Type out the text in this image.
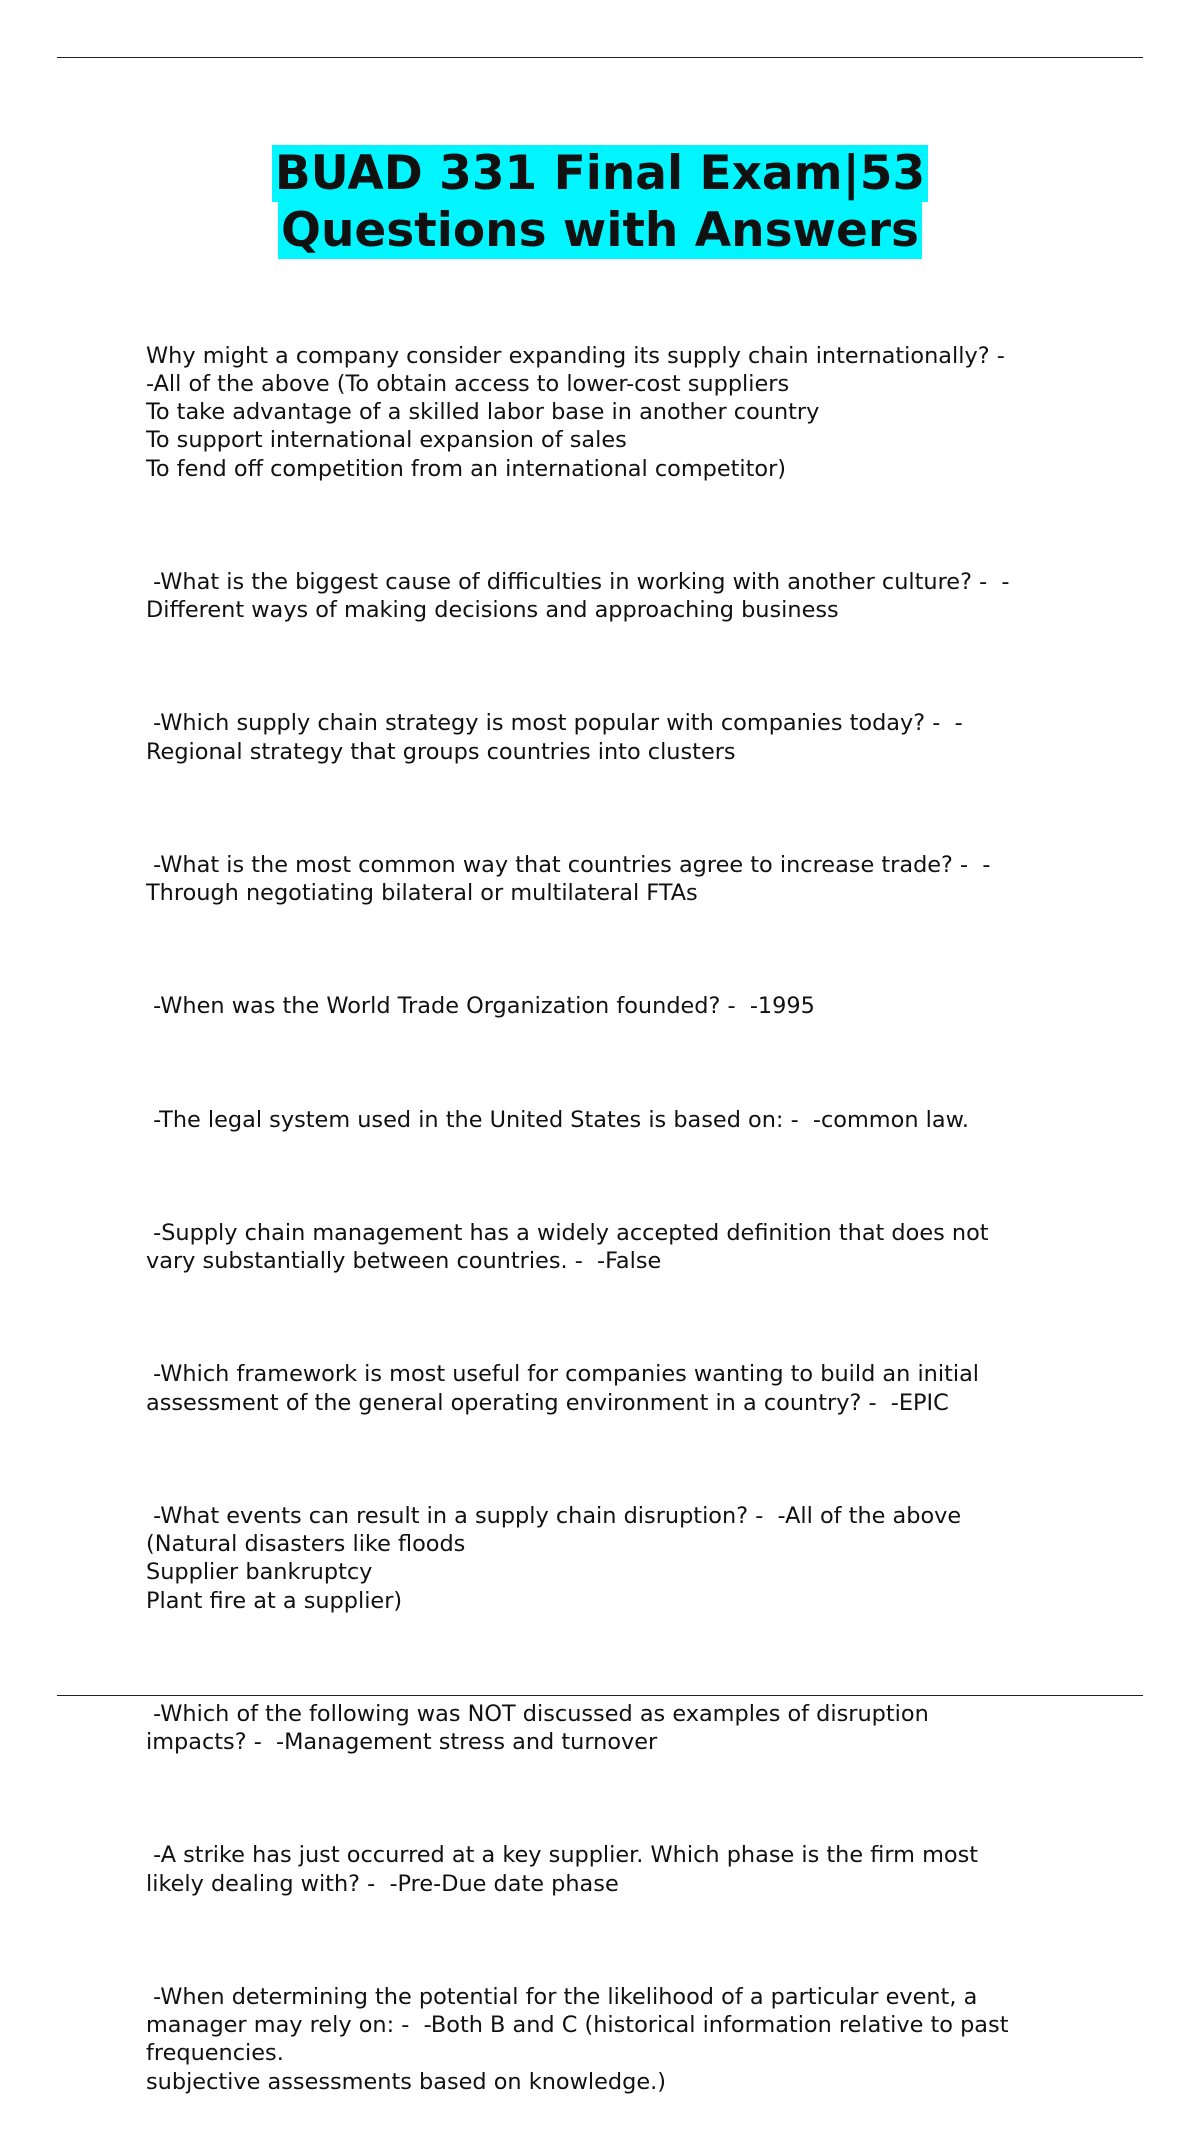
BUAD 331 Final Exam|53
Questions with Answers

Why might a company consider expanding its supply chain internationally? -
-All of the above (To obtain access to lower-cost suppliers
To take advantage of a skilled labor base in another country
To support international expansion of sales
To fend off competition from an international competitor)

-What is the biggest cause of difficulties in working with another culture? -  -
Different ways of making decisions and approaching business

-Which supply chain strategy is most popular with companies today? -  -
Regional strategy that groups countries into clusters

-What is the most common way that countries agree to increase trade? -  -
Through negotiating bilateral or multilateral FTAs

-When was the World Trade Organization founded? -  -1995

-The legal system used in the United States is based on: -  -common law.

-Supply chain management has a widely accepted definition that does not
vary substantially between countries. -  -False

-Which framework is most useful for companies wanting to build an initial
assessment of the general operating environment in a country? -  -EPIC

-What events can result in a supply chain disruption? -  -All of the above
(Natural disasters like floods
Supplier bankruptcy
Plant fire at a supplier)

-Which of the following was NOT discussed as examples of disruption
impacts? -  -Management stress and turnover

-A strike has just occurred at a key supplier. Which phase is the firm most
likely dealing with? -  -Pre-Due date phase

-When determining the potential for the likelihood of a particular event, a
manager may rely on: -  -Both B and C (historical information relative to past
frequencies.
subjective assessments based on knowledge.)
